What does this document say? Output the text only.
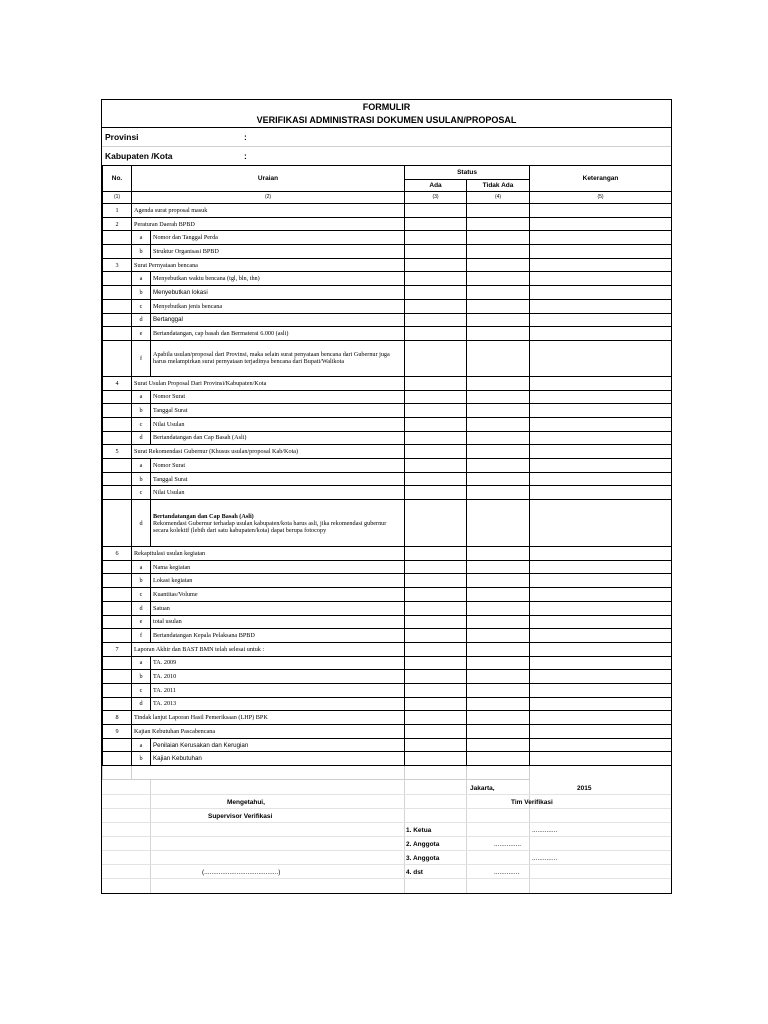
FORMULIR
VERIFIKASI ADMINISTRASI DOKUMEN USULAN/PROPOSAL
Provinsi	:
Kabupaten /Kota	:
No.	Uraian		Status		Keterangan
			Ada	Tidak Ada	
(1)	(2)		(3)	(4)	(5)
1	Agenda surat proposal masuk				
2	Peraturan Daerah BPBD				
	a	Nomor dan Tanggal Perda			
	b	Struktur Organisasi BPBD			
3	Surat Pernyataan bencana				
	a	Menyebutkan waktu bencana (tgl, bln, thn)			
	b	Menyebutkan lokasi			
	c	Menyebutkan jenis bencana			
	d	Bertanggal			
	e	Bertandatangan, cap basah dan Bermaterai 6.000 (asli)			
	f	Apabila usulan/proposal dari Provinsi, maka selain surat penyataan bencana dari Gubernur juga harus melampirkan surat pernyataan terjadinya bencana dari Bupati/Walikota			
4	Surat Usulan Proposal Dari Provinsi/Kabupaten/Kota				
	a	Nomor Surat			
	b	Tanggal Surat			
	c	Nilai Usulan			
	d	Bertandatangan dan Cap Basah (Asli)			
5	Surat Rekomendasi Gubernur (Khusus usulan/proposal Kab/Kota)				
	a	Nomor Surat			
	b	Tanggal Surat			
	c	Nilai Usulan			
	d	Bertandatangan dan Cap Basah (Asli)
Rekomendasi Gubernur terhadap usulan kabupaten/kota harus asli, jika rekomendasi gubernur secara kolektif (lebih dari satu kabupaten/kota) dapat berupa fotocopy			
6	Rekapitulasi usulan kegiatan				
	a	Nama kegiatan			
	b	Lokasi kegiatan			
	c	Kuantitas/Volume			
	d	Satuan			
	e	total usulan			
	f	Bertandatangan Kepala Pelaksana BPBD			
7	Laporan Akhir dan BAST BMN telah selesai untuk :				
	a	TA. 2009			
	b	TA. 2010			
	c	TA. 2011			
	d	TA. 2013			
8	Tindak lanjut Laporan Hasil Pemeriksaan (LHP) BPK				
9	Kajian Kebutuhan Pascabencana				
	a	Penilaian Kerusakan dan Kerugian			
	b	Kajian Kebutuhan			

Jakarta,	2015
Mengetahui,	Tim Verifikasi
Supervisor Verifikasi
1. Ketua	..............
2. Anggota	...............
3. Anggota	..............
4. dst	..............
(.........................................)
